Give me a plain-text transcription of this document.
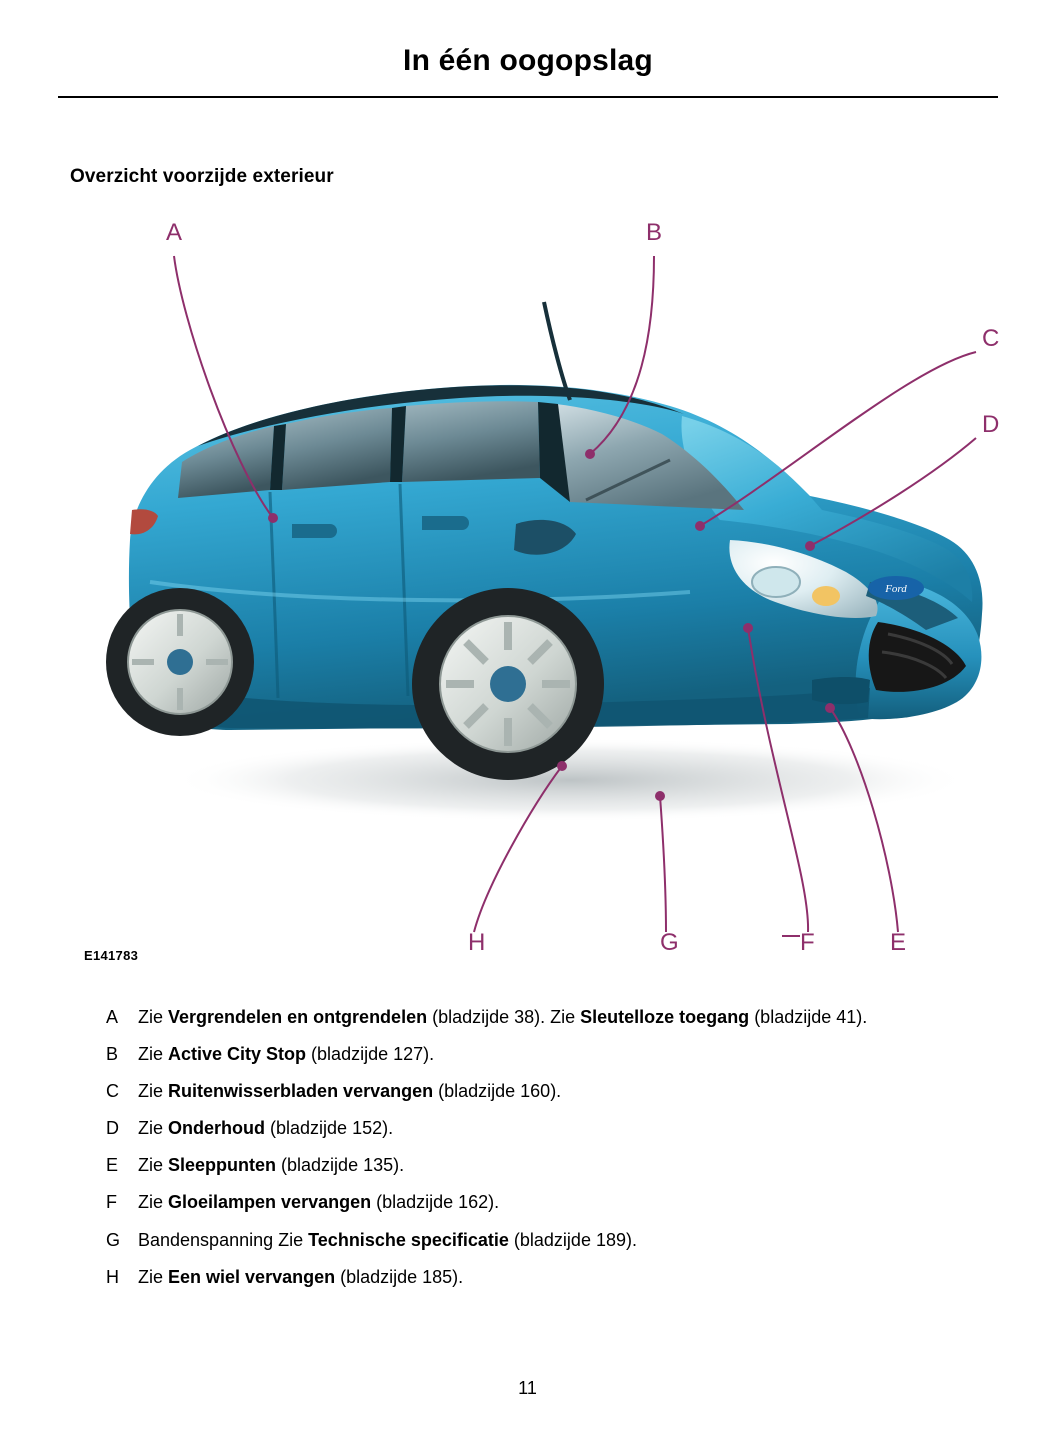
In één oogopslag
Overzicht voorzijde exterieur
Ford
A	B
C
D
H	G	F	E
E141783
A	Zie Vergrendelen en ontgrendelen (bladzijde 38). Zie Sleutelloze toegang (bladzijde 41).
B	Zie Active City Stop (bladzijde 127).
C	Zie Ruitenwisserbladen vervangen (bladzijde 160).
D	Zie Onderhoud (bladzijde 152).
E	Zie Sleeppunten (bladzijde 135).
F	Zie Gloeilampen vervangen (bladzijde 162).
G Bandenspanning Zie Technische specificatie (bladzijde 189).
H	Zie Een wiel vervangen (bladzijde 185).
11
